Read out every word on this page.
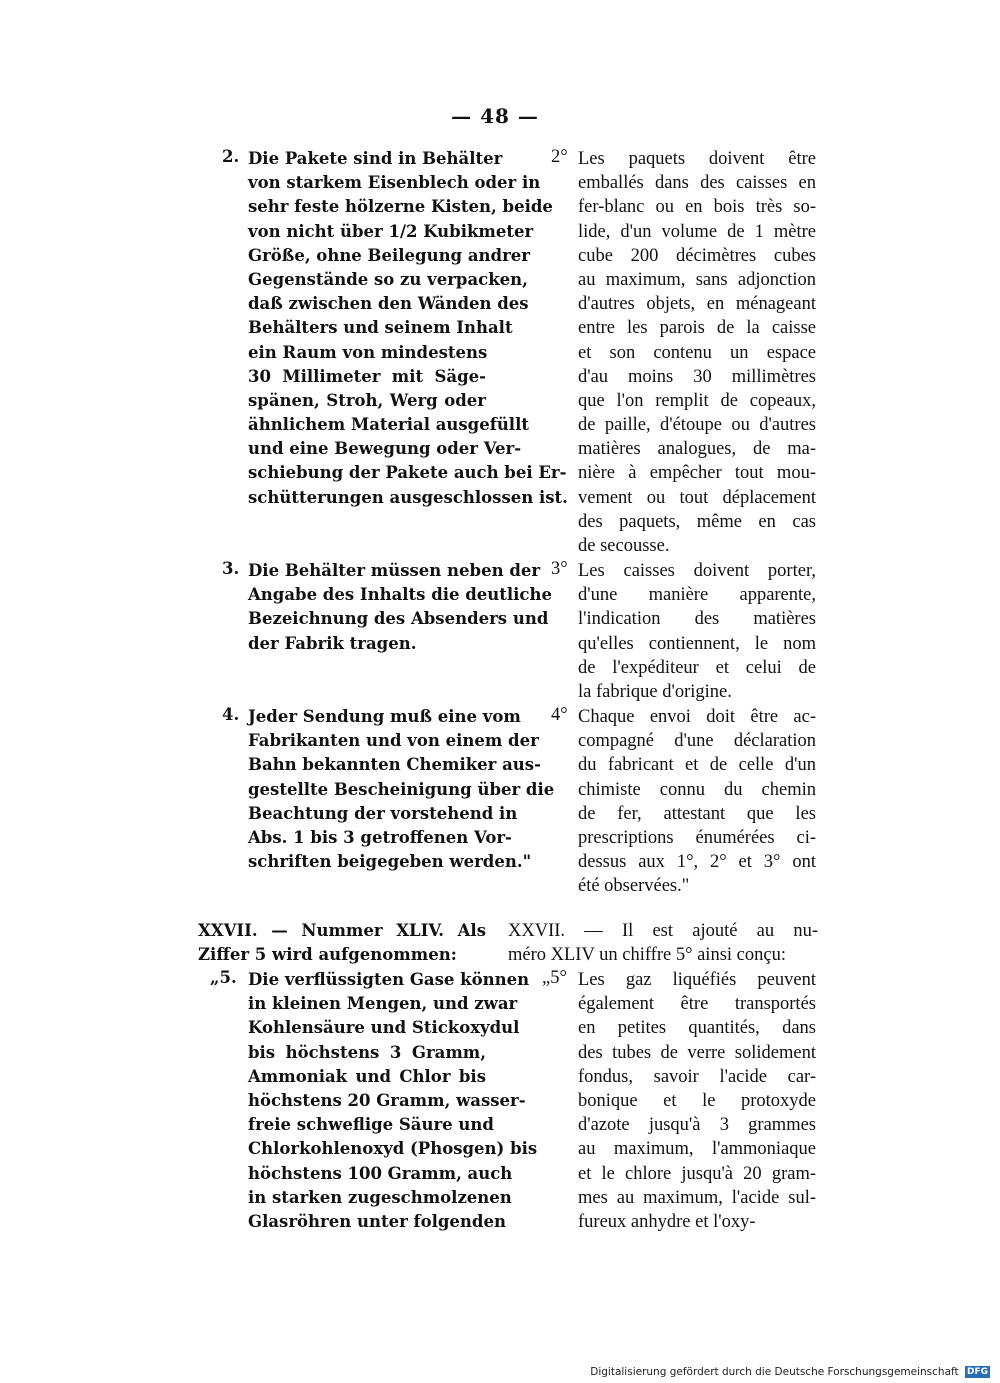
— 48 —
2. Die Pakete sind in Behälter
von starkem Eisenblech oder in
sehr feste hölzerne Kisten, beide
von nicht über 1/2 Kubikmeter
Größe, ohne Beilegung andrer
Gegenstände so zu verpacken,
daß zwischen den Wänden des
Behälters und seinem Inhalt
ein Raum von mindestens
30 Millimeter mit Säge-
spänen, Stroh, Werg oder
ähnlichem Material ausgefüllt
und eine Bewegung oder Ver-
schiebung der Pakete auch bei Er-
schütterungen ausgeschlossen ist.
3. Die Behälter müssen neben der
Angabe des Inhalts die deutliche
Bezeichnung des Absenders und
der Fabrik tragen.
4. Jeder Sendung muß eine vom
Fabrikanten und von einem der
Bahn bekannten Chemiker aus-
gestellte Bescheinigung über die
Beachtung der vorstehend in
Abs. 1 bis 3 getroffenen Vor-
schriften beigegeben werden."
XXVII. — Nummer XLIV. Als
Ziffer 5 wird aufgenommen:
„5. Die verflüssigten Gase können
in kleinen Mengen, und zwar
Kohlensäure und Stickoxydul
bis höchstens 3 Gramm,
Ammoniak und Chlor bis
höchstens 20 Gramm, wasser-
freie schweflige Säure und
Chlorkohlenoxyd (Phosgen) bis
höchstens 100 Gramm, auch
in starken zugeschmolzenen
Glasröhren unter folgenden
2° Les paquets doivent être
emballés dans des caisses en
fer-blanc ou en bois très so-
lide, d'un volume de 1 mètre
cube 200 décimètres cubes
au maximum, sans adjonction
d'autres objets, en ménageant
entre les parois de la caisse
et son contenu un espace
d'au moins 30 millimètres
que l'on remplit de copeaux,
de paille, d'étoupe ou d'autres
matières analogues, de ma-
nière à empêcher tout mou-
vement ou tout déplacement
des paquets, même en cas
de secousse.
3° Les caisses doivent porter,
d'une manière apparente,
l'indication des matières
qu'elles contiennent, le nom
de l'expéditeur et celui de
la fabrique d'origine.
4° Chaque envoi doit être ac-
compagné d'une déclaration
du fabricant et de celle d'un
chimiste connu du chemin
de fer, attestant que les
prescriptions énumérées ci-
dessus aux 1°, 2° et 3° ont
été observées."
XXVII. — Il est ajouté au nu-
méro XLIV un chiffre 5° ainsi conçu:
„5° Les gaz liquéfiés peuvent
également être transportés
en petites quantités, dans
des tubes de verre solidement
fondus, savoir l'acide car-
bonique et le protoxyde
d'azote jusqu'à 3 grammes
au maximum, l'ammoniaque
et le chlore jusqu'à 20 gram-
mes au maximum, l'acide sul-
fureux anhydre et l'oxy-
Digitalisierung gefördert durch die Deutsche Forschungsgemeinschaft DFG
